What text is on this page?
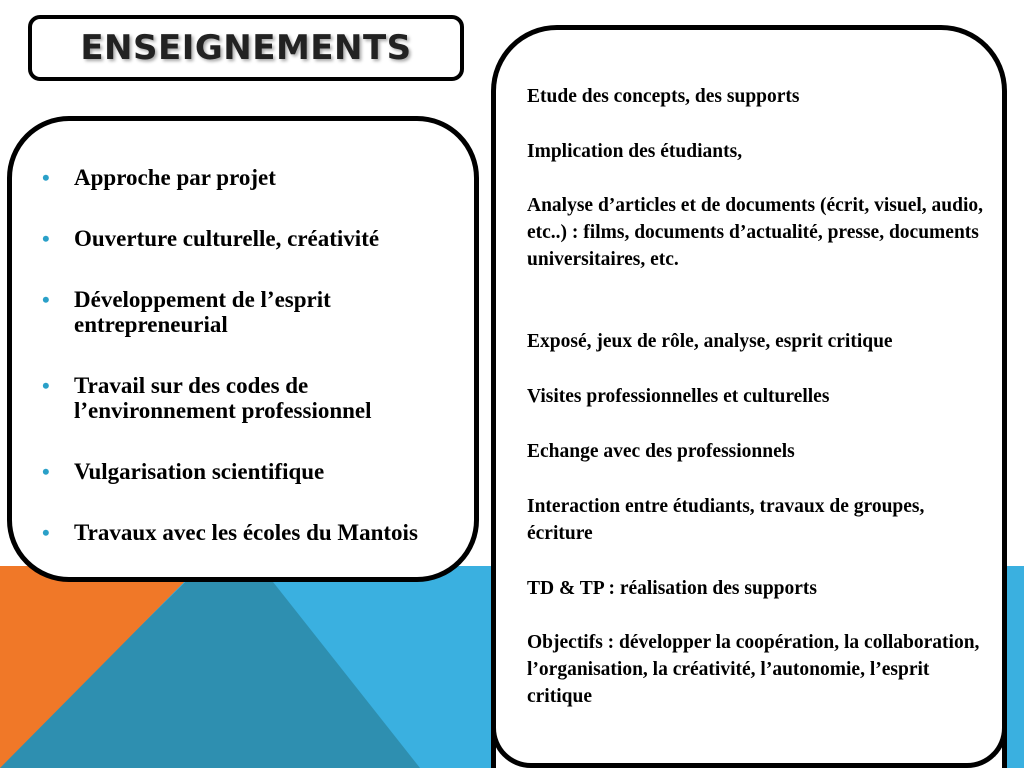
ENSEIGNEMENTS
• Approche par projet
• Ouverture culturelle, créativité
• Développement de l’esprit entrepreneurial
• Travail sur des codes de l’environnement professionnel
• Vulgarisation scientifique
• Travaux avec les écoles du Mantois
Etude des concepts, des supports
Implication des étudiants,
Analyse d’articles et de documents (écrit, visuel, audio, etc..) : films, documents d’actualité, presse, documents universitaires, etc.
Exposé, jeux de rôle, analyse, esprit critique
Visites professionnelles et culturelles
Echange avec des professionnels
Interaction entre étudiants, travaux de groupes, écriture
TD & TP : réalisation des supports
Objectifs : développer la coopération, la collaboration, l’organisation, la créativité, l’autonomie, l’esprit critique
